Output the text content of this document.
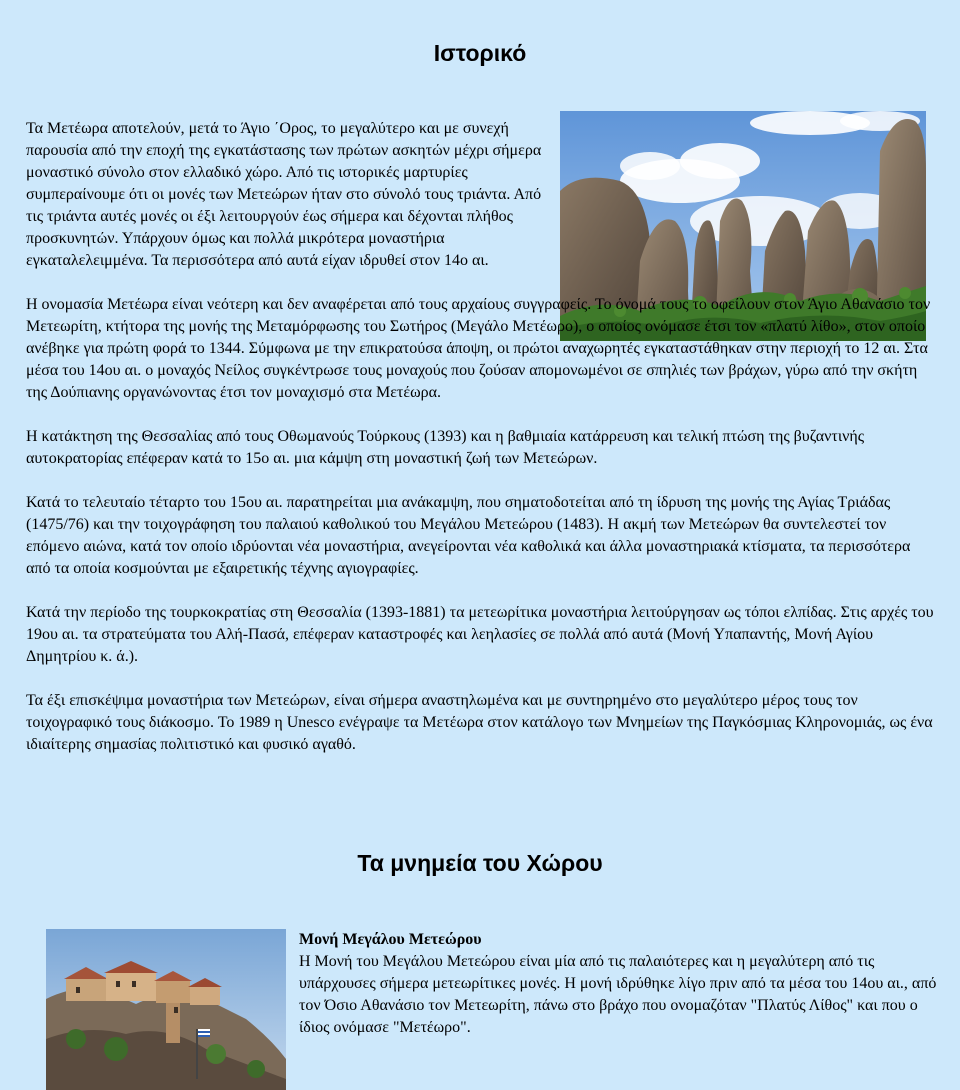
Ιστορικό

Τα Μετέωρα αποτελούν, μετά το Άγιο ΄Ορος, το μεγαλύτερο και με συνεχή παρουσία από την εποχή της εγκατάστασης των πρώτων ασκητών μέχρι σήμερα μοναστικό σύνολο στον ελλαδικό χώρο. Από τις ιστορικές μαρτυρίες συμπεραίνουμε ότι οι μονές των Μετεώρων ήταν στο σύνολό τους τριάντα. Από τις τριάντα αυτές μονές οι έξι λειτουργούν έως σήμερα και δέχονται πλήθος προσκυνητών. Υπάρχουν όμως και πολλά μικρότερα μοναστήρια εγκαταλελειμμένα. Τα περισσότερα από αυτά είχαν ιδρυθεί στον 14ο αι.

Η ονομασία Μετέωρα είναι νεότερη και δεν αναφέρεται από τους αρχαίους συγγραφείς. Το όνομά τους το οφείλουν στον Άγιο Αθανάσιο τον Μετεωρίτη, κτήτορα της μονής της Μεταμόρφωσης του Σωτήρος (Μεγάλο Μετέωρο), ο οποίος ονόμασε έτσι τον «πλατύ λίθο», στον οποίο ανέβηκε για πρώτη φορά το 1344. Σύμφωνα με την επικρατούσα άποψη, οι πρώτοι αναχωρητές εγκαταστάθηκαν στην περιοχή το 12 αι. Στα μέσα του 14ου αι. ο μοναχός Νείλος συγκέντρωσε τους μοναχούς που ζούσαν απομονωμένοι σε σπηλιές των βράχων, γύρω από την σκήτη της Δούπιανης οργανώνοντας έτσι τον μοναχισμό στα Μετέωρα.

Η κατάκτηση της Θεσσαλίας από τους Οθωμανούς Τούρκους (1393) και η βαθμιαία κατάρρευση και τελική πτώση της βυζαντινής αυτοκρατορίας επέφεραν κατά το 15ο αι. μια κάμψη στη μοναστική ζωή των Μετεώρων.

Κατά το τελευταίο τέταρτο του 15ου αι. παρατηρείται μια ανάκαμψη, που σηματοδοτείται από τη ίδρυση της μονής της Αγίας Τριάδας (1475/76) και την τοιχογράφηση του παλαιού καθολικού του Μεγάλου Μετεώρου (1483). Η ακμή των Μετεώρων θα συντελεστεί τον επόμενο αιώνα, κατά τον οποίο ιδρύονται νέα μοναστήρια, ανεγείρονται νέα καθολικά και άλλα μοναστηριακά κτίσματα, τα περισσότερα από τα οποία κοσμούνται με εξαιρετικής τέχνης αγιογραφίες.

Κατά την περίοδο της τουρκοκρατίας στη Θεσσαλία (1393-1881) τα μετεωρίτικα μοναστήρια λειτούργησαν ως τόποι ελπίδας. Στις αρχές του 19ου αι. τα στρατεύματα του Αλή-Πασά, επέφεραν καταστροφές και λεηλασίες σε πολλά από αυτά (Μονή Υπαπαντής, Μονή Αγίου Δημητρίου κ. ά.).

Τα έξι επισκέψιμα μοναστήρια των Μετεώρων, είναι σήμερα αναστηλωμένα και με συντηρημένο στο μεγαλύτερο μέρος τους τον τοιχογραφικό τους διάκοσμο. Το 1989 η Unesco ενέγραψε τα Μετέωρα στον κατάλογο των Μνημείων της Παγκόσμιας Κληρονομιάς, ως ένα ιδιαίτερης σημασίας πολιτιστικό και φυσικό αγαθό.

Τα μνημεία του Χώρου

Μονή Μεγάλου Μετεώρου

Η Μονή του Μεγάλου Μετεώρου είναι μία από τις παλαιότερες και η μεγαλύτερη από τις υπάρχουσες σήμερα μετεωρίτικες μονές. Η μονή ιδρύθηκε λίγο πριν από τα μέσα του 14ου αι., από τον Όσιο Αθανάσιο τον Μετεωρίτη, πάνω στο βράχο που ονομαζόταν "Πλατύς Λίθος" και που ο ίδιος ονόμασε "Μετέωρο".
